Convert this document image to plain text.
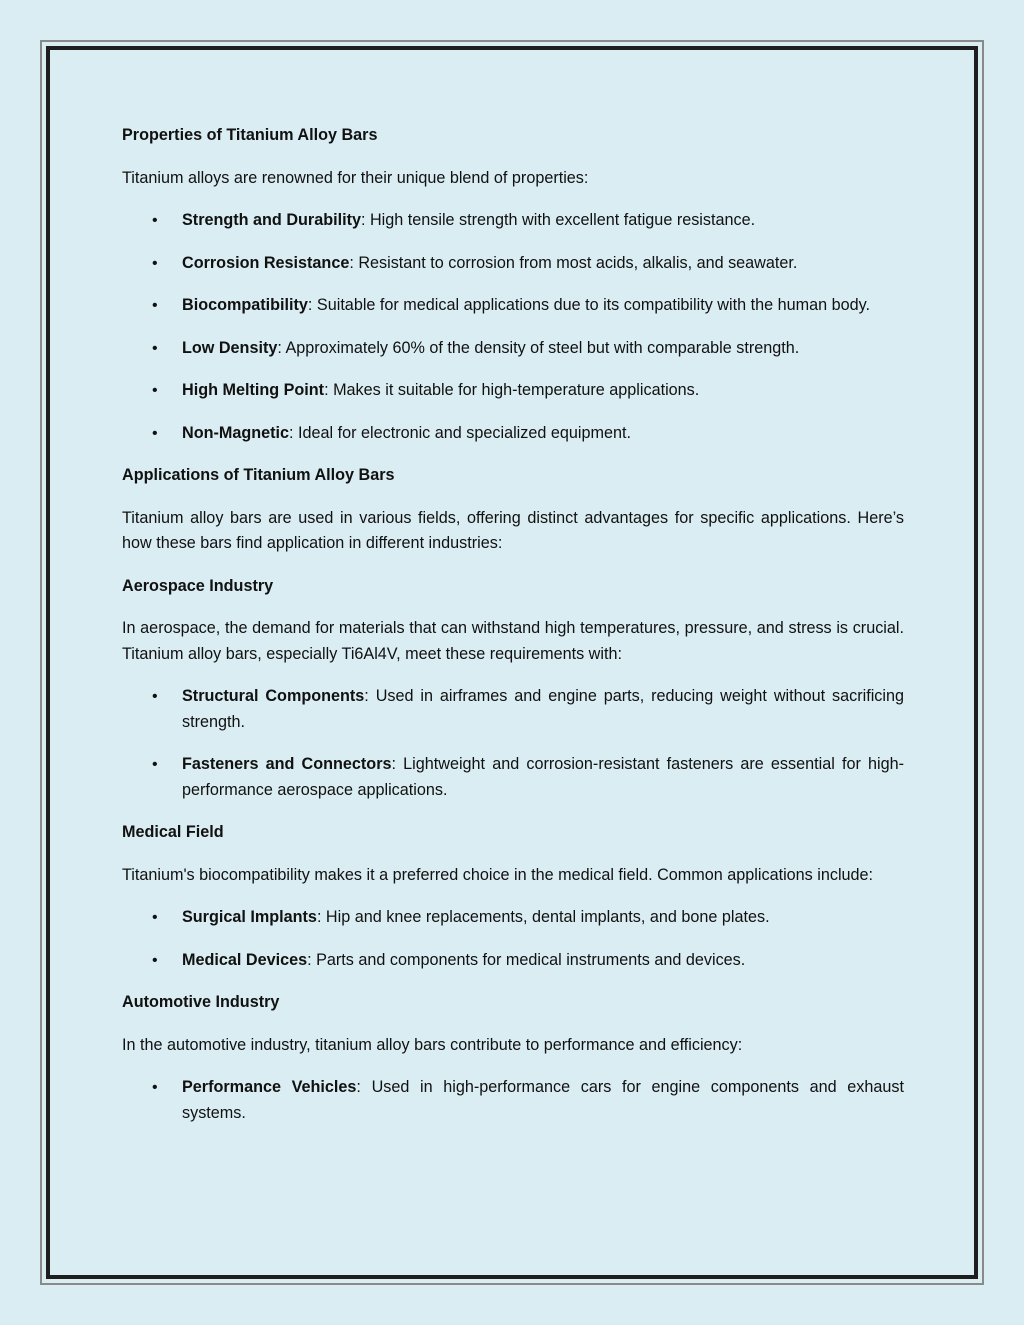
Properties of Titanium Alloy Bars

Titanium alloys are renowned for their unique blend of properties:

• Strength and Durability: High tensile strength with excellent fatigue resistance.
• Corrosion Resistance: Resistant to corrosion from most acids, alkalis, and seawater.
• Biocompatibility: Suitable for medical applications due to its compatibility with the human body.
• Low Density: Approximately 60% of the density of steel but with comparable strength.
• High Melting Point: Makes it suitable for high-temperature applications.
• Non-Magnetic: Ideal for electronic and specialized equipment.
Applications of Titanium Alloy Bars

Titanium alloy bars are used in various fields, offering distinct advantages for specific applications. Here’s how these bars find application in different industries:

Aerospace Industry

In aerospace, the demand for materials that can withstand high temperatures, pressure, and stress is crucial. Titanium alloy bars, especially Ti6Al4V, meet these requirements with:

• Structural Components: Used in airframes and engine parts, reducing weight without sacrificing strength.
• Fasteners and Connectors: Lightweight and corrosion-resistant fasteners are essential for high-performance aerospace applications.
Medical Field

Titanium's biocompatibility makes it a preferred choice in the medical field. Common applications include:

• Surgical Implants: Hip and knee replacements, dental implants, and bone plates.
• Medical Devices: Parts and components for medical instruments and devices.
Automotive Industry

In the automotive industry, titanium alloy bars contribute to performance and efficiency:

• Performance Vehicles: Used in high-performance cars for engine components and exhaust systems.
